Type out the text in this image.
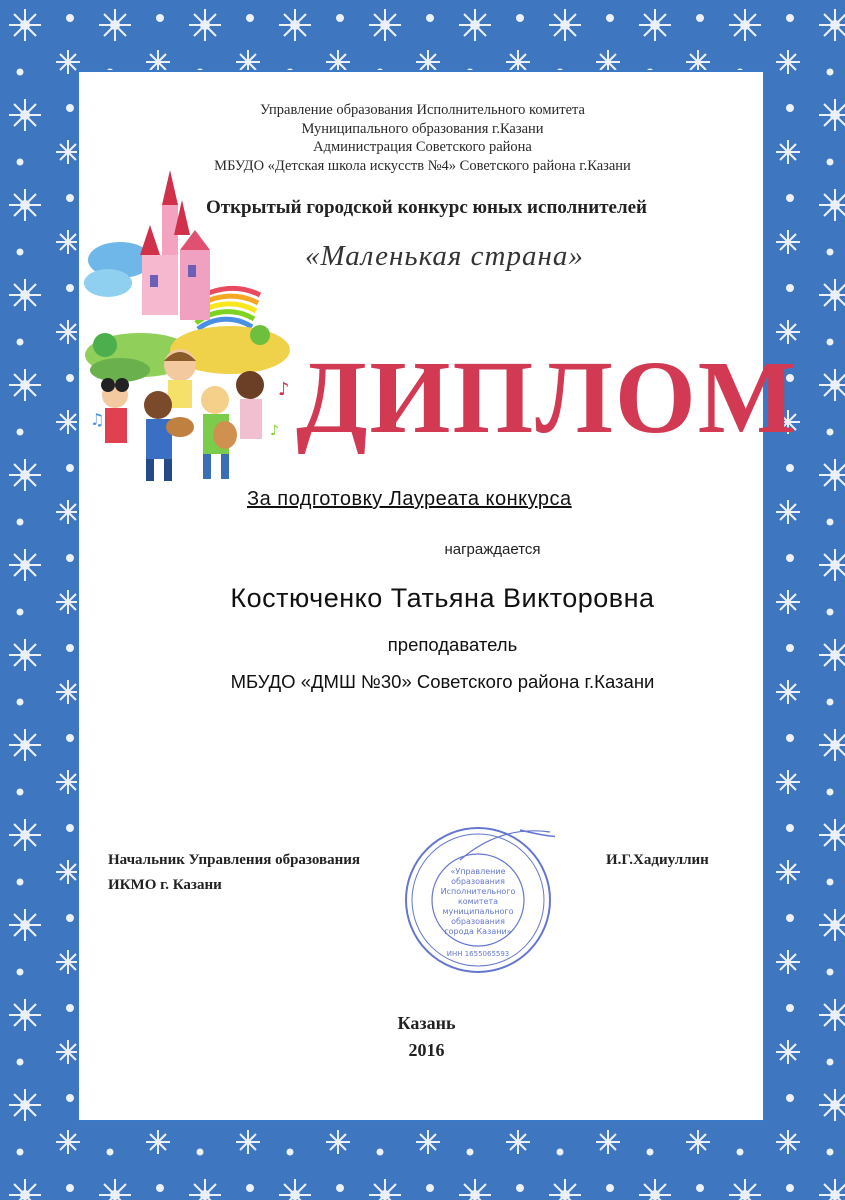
Управление образования Исполнительного комитета
Муниципального образования г.Казани
Администрация Советского района
МБУДО «Детская школа искусств №4» Советского района г.Казани
♪
♫
♪
Открытый городской конкурс юных исполнителей
«Маленькая страна»
ДИПЛОМ
За подготовку Лауреата конкурса
награждается
Костюченко Татьяна Викторовна
преподаватель
МБУДО «ДМШ №30» Советского района г.Казани
Начальник Управления образования
ИКМО г. Казани
И.Г.Хадиуллин
«Управление
образования
Исполнительного
комитета
муниципального
образования
города Казани»
ИНН 1655065593
Казань
2016
